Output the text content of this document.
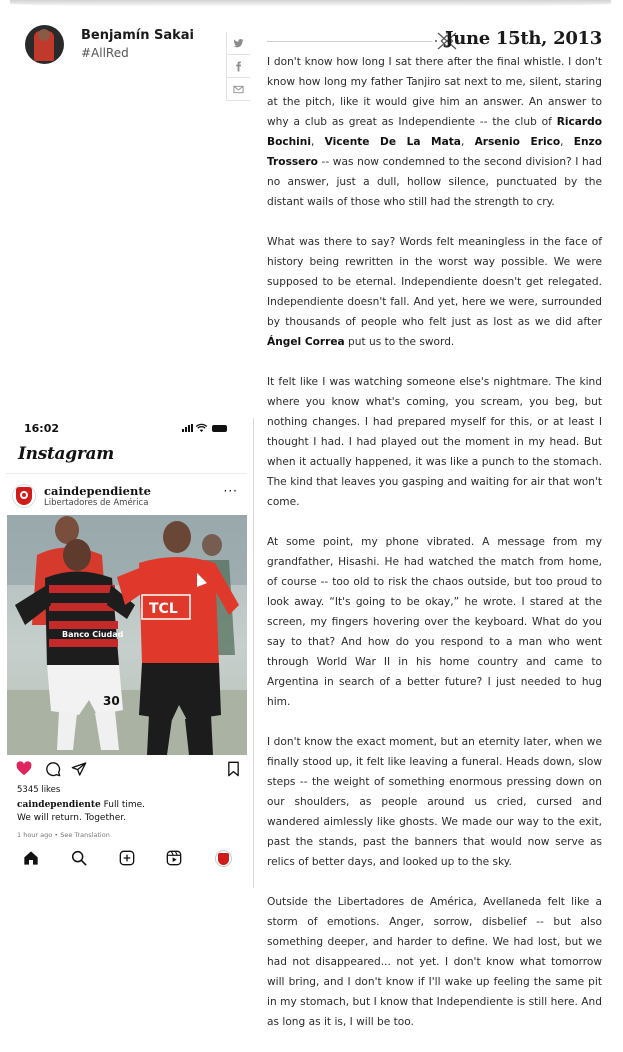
Benjamín Sakai
#AllRed
June 15th, 2013

I don't know how long I sat there after the final whistle. I don't know how long my father Tanjiro sat next to me, silent, staring at the pitch, like it would give him an answer. An answer to why a club as great as Independiente -- the club of Ricardo Bochini, Vicente De La Mata, Arsenio Erico, Enzo Trossero -- was now condemned to the second division? I had no answer, just a dull, hollow silence, punctuated by the distant wails of those who still had the strength to cry.

What was there to say? Words felt meaningless in the face of history being rewritten in the worst way possible. We were supposed to be eternal. Independiente doesn't get relegated. Independiente doesn't fall. And yet, here we were, surrounded by thousands of people who felt just as lost as we did after Ángel Correa put us to the sword.

It felt like I was watching someone else's nightmare. The kind where you know what's coming, you scream, you beg, but nothing changes. I had prepared myself for this, or at least I thought I had. I had played out the moment in my head. But when it actually happened, it was like a punch to the stomach. The kind that leaves you gasping and waiting for air that won't come.

At some point, my phone vibrated. A message from my grandfather, Hisashi. He had watched the match from home, of course -- too old to risk the chaos outside, but too proud to look away. “It's going to be okay,” he wrote. I stared at the screen, my fingers hovering over the keyboard. What do you say to that? And how do you respond to a man who went through World War II in his home country and came to Argentina in search of a better future? I just needed to hug him.

I don't know the exact moment, but an eternity later, when we finally stood up, it felt like leaving a funeral. Heads down, slow steps -- the weight of something enormous pressing down on our shoulders, as people around us cried, cursed and wandered aimlessly like ghosts. We made our way to the exit, past the stands, past the banners that would now serve as relics of better days, and looked up to the sky.

Outside the Libertadores de América, Avellaneda felt like a storm of emotions. Anger, sorrow, disbelief -- but also something deeper, and harder to define. We had lost, but we had not disappeared... not yet. I don't know what tomorrow will bring, and I don't know if I'll wake up feeling the same pit in my stomach, but I know that Independiente is still here. And as long as it is, I will be too.

16:02
Instagram
caindependiente
Libertadores de América
···
Banco Ciudad
30
TCL
5345 likes
caindependiente Full time.
We will return. Together.
1 hour ago • See Translation
